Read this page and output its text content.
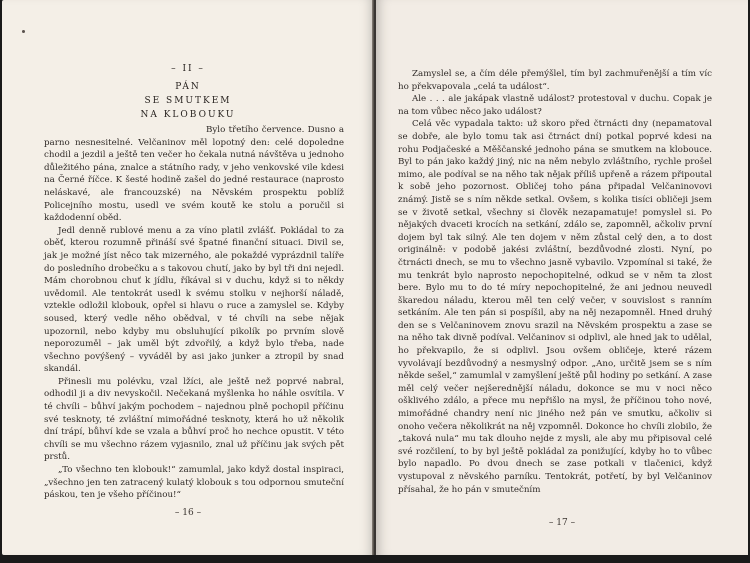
– II –
PÁN
SE SMUTKEM
NA KLOBOUKU

Bylo třetího července. Dusno a parno nesnesitelné. Velčaninov měl lopotný den: celé dopoledne chodil a jezdil a ještě ten večer ho čekala nutná návštěva u jednoho důležitého pána, znalce a státního rady, v jeho venkovské vile kdesi na Černé říčce. K šesté hodině zašel do jedné restaurace (naprosto neláskavé, ale francouzské) na Něvském prospektu poblíž Policejního mostu, usedl ve svém koutě ke stolu a poručil si každodenní oběd.

Jedl denně rublové menu a za víno platil zvlášť. Pokládal to za oběť, kterou rozumně přináší své špatné finanční situaci. Divil se, jak je možné jíst něco tak mizerného, ale pokaždé vyprázdnil talíře do posledního drobečku a s takovou chutí, jako by byl tři dni nejedl. Mám chorobnou chuť k jídlu, říkával si v duchu, když si to někdy uvědomil. Ale tentokrát usedl k svému stolku v nejhorší náladě, vztekle odložil klobouk, opřel si hlavu o ruce a zamyslel se. Kdyby soused, který vedle něho obědval, v té chvíli na sebe nějak upozornil, nebo kdyby mu obsluhující pikolík po prvním slově neporozuměl – jak uměl být zdvořilý, a když bylo třeba, nade všechno povýšený – vyváděl by asi jako junker a ztropil by snad skandál.

Přinesli mu polévku, vzal lžíci, ale ještě než poprvé nabral, odhodil ji a div nevyskočil. Nečekaná myšlenka ho náhle osvítila. V té chvíli – bůhví jakým pochodem – najednou plně pochopil příčinu své tesknoty, té zvláštní mimořádné tesknoty, která ho už několik dní trápí, bůhví kde se vzala a bůhví proč ho nechce opustit. V této chvíli se mu všechno rázem vyjasnilo, znal už příčinu jak svých pět prstů.

„To všechno ten klobouk!“ zamumlal, jako když dostal inspiraci, „všechno jen ten zatracený kulatý klobouk s tou odpornou smuteční páskou, ten je všeho příčinou!“

– 16 –

Zamyslel se, a čím déle přemýšlel, tím byl zachmuřenější a tím víc ho překvapovala „celá ta událost“.

Ale . . . ale jakápak vlastně událost? protestoval v duchu. Copak je na tom vůbec něco jako událost?

Celá věc vypadala takto: už skoro před čtrnácti dny (nepamatoval se dobře, ale bylo tomu tak asi čtrnáct dní) potkal poprvé kdesi na rohu Podjačeské a Měščanské jednoho pána se smutkem na klobouce. Byl to pán jako každý jiný, nic na něm nebylo zvláštního, rychle prošel mimo, ale podíval se na něho tak nějak příliš upřeně a rázem připoutal k sobě jeho pozornost. Obličej toho pána připadal Velčaninovovi známý. Jistě se s ním někde setkal. Ovšem, s kolika tisíci obličeji jsem se v životě setkal, všechny si člověk nezapamatuje! pomyslel si. Po nějakých dvaceti krocích na setkání, zdálo se, zapomněl, ačkoliv první dojem byl tak silný. Ale ten dojem v něm zůstal celý den, a to dost originálně: v podobě jakési zvláštní, bezdůvodné zlosti. Nyní, po čtrnácti dnech, se mu to všechno jasně vybavilo. Vzpomínal si také, že mu tenkrát bylo naprosto nepochopitelné, odkud se v něm ta zlost bere. Bylo mu to do té míry nepochopitelné, že ani jednou neuvedl škaredou náladu, kterou měl ten celý večer, v souvislost s ranním setkáním. Ale ten pán si pospíšil, aby na něj nezapomněl. Hned druhý den se s Velčaninovem znovu srazil na Něvském prospektu a zase se na něho tak divně podíval. Velčaninov si odplivl, ale hned jak to udělal, ho překvapilo, že si odplivl. Jsou ovšem obličeje, které rázem vyvolávají bezdůvodný a nesmyslný odpor. „Ano, určitě jsem se s ním někde sešel,“ zamumlal v zamyšlení ještě půl hodiny po setkání. A zase měl celý večer nejšerednější náladu, dokonce se mu v noci něco ošklivého zdálo, a přece mu nepřišlo na mysl, že příčinou toho nové, mimořádné chandry není nic jiného než pán ve smutku, ačkoliv si onoho večera několikrát na něj vzpomněl. Dokonce ho chvíli zlobilo, že „taková nula“ mu tak dlouho nejde z mysli, ale aby mu připisoval celé své rozčilení, to by byl ještě pokládal za ponižující, kdyby ho to vůbec bylo napadlo. Po dvou dnech se zase potkali v tlačenici, když vystupoval z něvského parníku. Tentokrát, potřetí, by byl Velčaninov přísahal, že ho pán v smutečním

– 17 –
